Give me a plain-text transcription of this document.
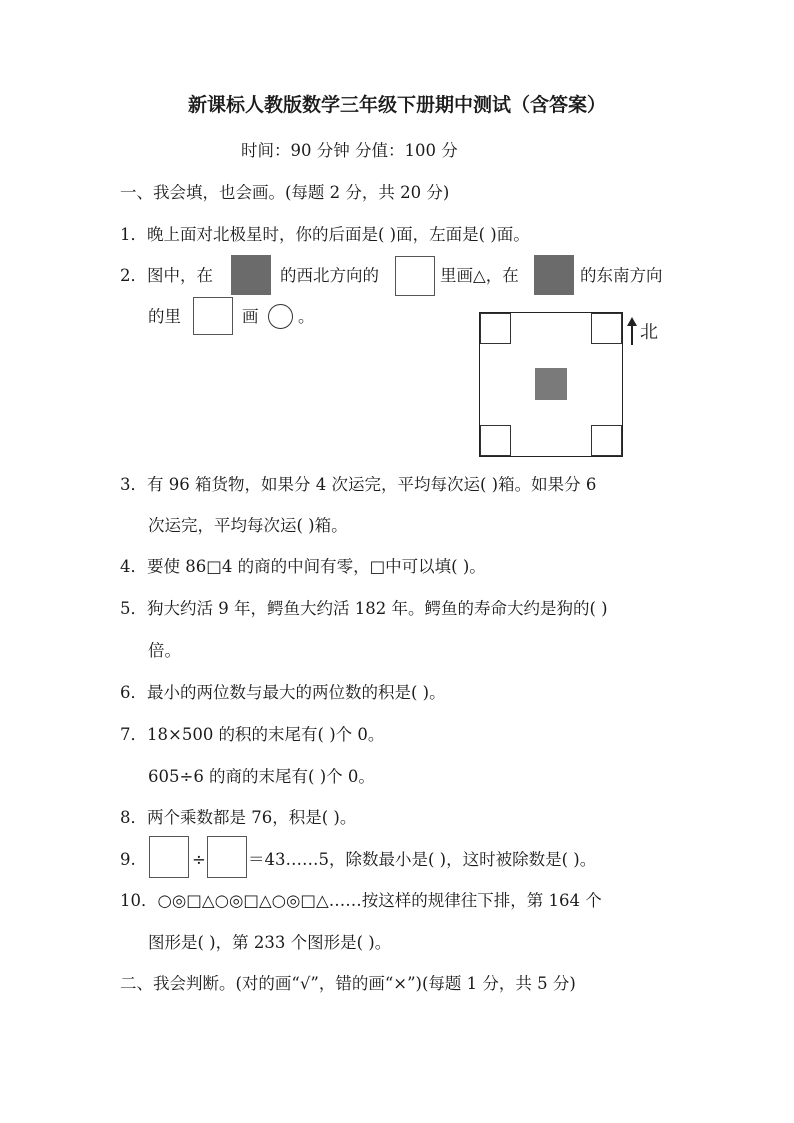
新课标人教版数学三年级下册期中测试（含答案）
时间：90 分钟 分值：100 分
一、我会填，也会画。(每题 2 分，共 20 分)
1．晚上面对北极星时，你的后面是( )面，左面是( )面。
2．图中，在	的西北方向的	里画△，在	的东南方向
的里	画 。
北
3．有 96 箱货物，如果分 4 次运完，平均每次运( )箱。如果分 6
次运完，平均每次运( )箱。
4．要使 86□4 的商的中间有零，□中可以填( )。
5．狗大约活 9 年，鳄鱼大约活 182 年。鳄鱼的寿命大约是狗的( )
倍。
6．最小的两位数与最大的两位数的积是( )。
7．18×500 的积的末尾有( )个 0。
605÷6 的商的末尾有( )个 0。
8．两个乘数都是 76，积是( )。
9.	÷	＝43……5，除数最小是( )，这时被除数是( )。
10．○◎□△○◎□△○◎□△……按这样的规律往下排，第 164 个
图形是( )，第 233 个图形是( )。
二、我会判断。(对的画“√”，错的画“×”)(每题 1 分，共 5 分)
